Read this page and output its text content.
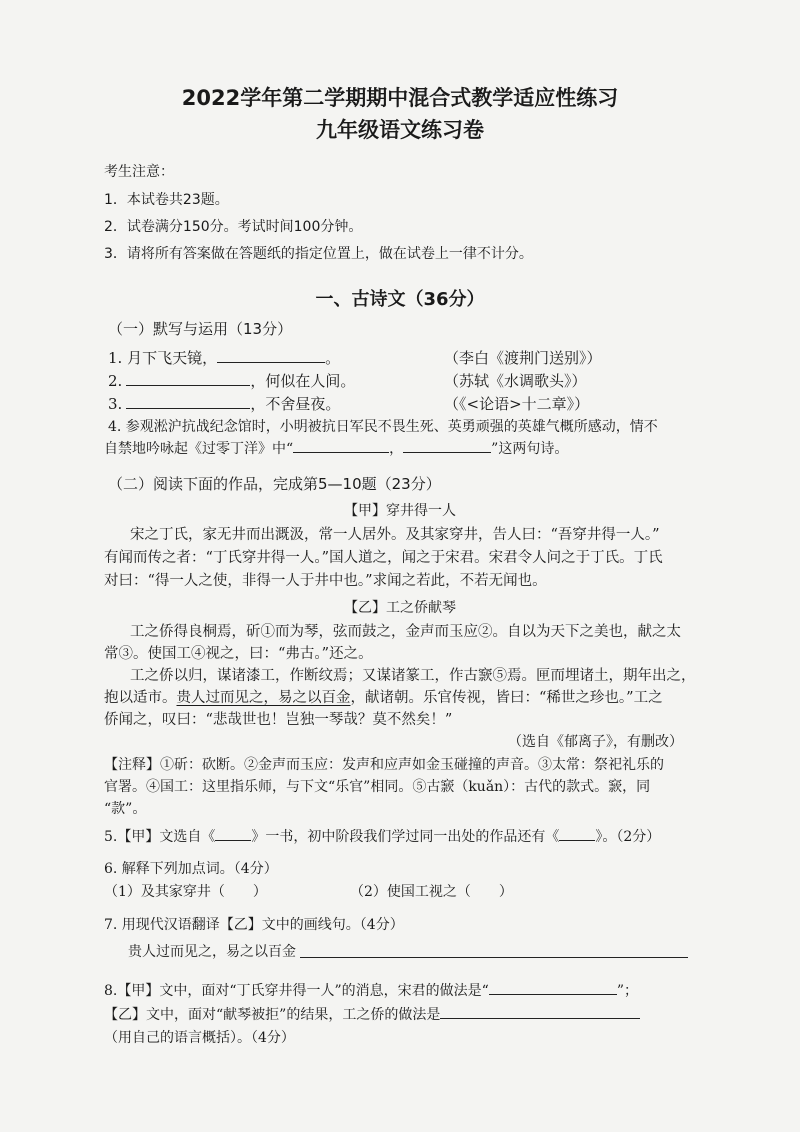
2022学年第二学期期中混合式教学适应性练习
九年级语文练习卷
考生注意：
1．本试卷共23题。
2．试卷满分150分。考试时间100分钟。
3．请将所有答案做在答题纸的指定位置上，做在试卷上一律不计分。
一、古诗文（36分）
（一）默写与运用（13分）
1. 月下飞天镜，	。	（李白《渡荆门送别》）
2.	，何似在人间。	（苏轼《水调歌头》）
3.	，不舍昼夜。	（《<论语>十二章》）
4. 参观淞沪抗战纪念馆时，小明被抗日军民不畏生死、英勇顽强的英雄气概所感动，情不
自禁地吟咏起《过零丁洋》中“	，	”这两句诗。
（二）阅读下面的作品，完成第5—10题（23分）
【甲】穿井得一人
宋之丁氏，家无井而出溉汲，常一人居外。及其家穿井，告人曰：“吾穿井得一人。”
有闻而传之者：“丁氏穿井得一人。”国人道之，闻之于宋君。宋君令人问之于丁氏。丁氏
对曰：“得一人之使，非得一人于井中也。”求闻之若此，不若无闻也。
【乙】工之侨献琴
工之侨得良桐焉，斫①而为琴，弦而鼓之，金声而玉应②。自以为天下之美也，献之太
常③。使国工④视之，曰：“弗古。”还之。
工之侨以归，谋诸漆工，作断纹焉；又谋诸篆工，作古窾⑤焉。匣而埋诸土，期年出之，
抱以适市。贵人过而见之，易之以百金，献诸朝。乐官传视，皆曰：“稀世之珍也。”工之
侨闻之，叹曰：“悲哉世也！岂独一琴哉？莫不然矣！”
（选自《郁离子》，有删改）
【注释】①斫：砍断。②金声而玉应：发声和应声如金玉碰撞的声音。③太常：祭祀礼乐的
官署。④国工：这里指乐师，与下文“乐官”相同。⑤古窾（kuǎn）：古代的款式。窾，同
“款”。
5.【甲】文选自《	》一书，初中阶段我们学过同一出处的作品还有《	》。（2分）
6. 解释下列加点词。（4分）
（1）及其家穿井（　　）	（2）使国工视之（　　）
7. 用现代汉语翻译【乙】文中的画线句。（4分）
贵人过而见之，易之以百金
8.【甲】文中，面对“丁氏穿井得一人”的消息，宋君的做法是“	”；
【乙】文中，面对“献琴被拒”的结果，工之侨的做法是
（用自己的语言概括）。（4分）
